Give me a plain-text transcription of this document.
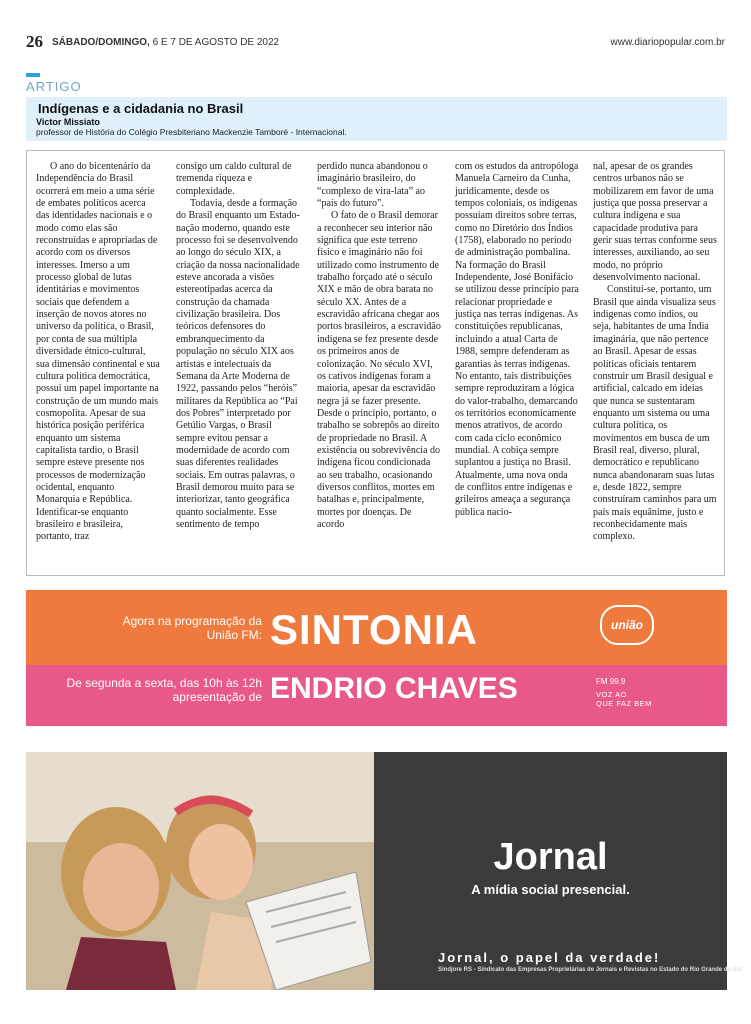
26 SÁBADO/DOMINGO, 6 E 7 DE AGOSTO DE 2022	www.diariopopular.com.br
ARTIGO
Indígenas e a cidadania no Brasil
Victor Missiato
professor de História do Colégio Presbiteriano Mackenzie Tamboré - Internacional.

O ano do bicentenário da Independência do Brasil ocorrerá em meio a uma série de embates políticos acerca das identidades nacionais e o modo como elas são reconstruídas e apropriadas de acordo com os diversos interesses. Imerso a um processo global de lutas identitárias e movimentos sociais que defendem a inserção de novos atores no universo da política, o Brasil, por conta de sua múltipla diversidade étnico-cultural, sua dimensão continental e sua cultura política democrática, possui um papel importante na construção de um mundo mais cosmopolita. Apesar de sua histórica posição periférica enquanto um sistema capitalista tardio, o Brasil sempre esteve presente nos processos de modernização ocidental, enquanto Monarquia e República. Identificar-se enquanto brasileiro e brasileira, portanto, traz

consigo um caldo cultural de tremenda riqueza e complexidade.

Todavia, desde a formação do Brasil enquanto um Estado-nação moderno, quando este processo foi se desenvolvendo ao longo do século XIX, a criação da nossa nacionalidade esteve ancorada a visões estereotipadas acerca da construção da chamada civilização brasileira. Dos teóricos defensores do embranquecimento da população no século XIX aos artistas e intelectuais da Semana da Arte Moderna de 1922, passando pelos “heróis” militares da República ao “Pai dos Pobres” interpretado por Getúlio Vargas, o Brasil sempre evitou pensar a modernidade de acordo com suas diferentes realidades sociais. Em outras palavras, o Brasil demorou muito para se interiorizar, tanto geográfica quanto socialmente. Esse sentimento de tempo

perdido nunca abandonou o imaginário brasileiro, do “complexo de vira-lata” ao “país do futuro”.

O fato de o Brasil demorar a reconhecer seu interior não significa que este terreno físico e imaginário não foi utilizado como instrumento de trabalho forçado até o século XIX e mão de obra barata no século XX. Antes de a escravidão africana chegar aos portos brasileiros, a escravidão indígena se fez presente desde os primeiros anos de colonização. No século XVI, os cativos indígenas foram a maioria, apesar da escravidão negra já se fazer presente. Desde o princípio, portanto, o trabalho se sobrepôs ao direito de propriedade no Brasil. A existência ou sobrevivência do indígena ficou condicionada ao seu trabalho, ocasionando diversos conflitos, mortes em batalhas e, principalmente, mortes por doenças. De acordo

com os estudos da antropóloga Manuela Carneiro da Cunha, juridicamente, desde os tempos coloniais, os indígenas possuíam direitos sobre terras, como no Diretório dos Índios (1758), elaborado no período de administração pombalina. Na formação do Brasil Independente, José Bonifácio se utilizou desse princípio para relacionar propriedade e justiça nas terras indígenas. As constituições republicanas, incluindo a atual Carta de 1988, sempre defenderam as garantias às terras indígenas. No entanto, tais distribuições sempre reproduziram a lógica do valor-trabalho, demarcando os territórios economicamente menos atrativos, de acordo com cada ciclo econômico mundial. A cobiça sempre suplantou a justiça no Brasil. Atualmente, uma nova onda de conflitos entre indígenas e grileiros ameaça a segurança pública nacio-

nal, apesar de os grandes centros urbanos não se mobilizarem em favor de uma justiça que possa preservar a cultura indígena e sua capacidade produtiva para gerir suas terras conforme seus interesses, auxiliando, ao seu modo, no próprio desenvolvimento nacional.

Constitui-se, portanto, um Brasil que ainda visualiza seus indígenas como índios, ou seja, habitantes de uma Índia imaginária, que não pertence ao Brasil. Apesar de essas políticas oficiais tentarem construir um Brasil desigual e artificial, calcado em ideias que nunca se sustentaram enquanto um sistema ou uma cultura política, os movimentos em busca de um Brasil real, diverso, plural, democrático e republicano nunca abandonaram suas lutas e, desde 1822, sempre construíram caminhos para um país mais equânime, justo e reconhecidamente mais complexo.

Agora na programação da
União FM: SINTONIA
De segunda a sexta, das 10h às 12h
apresentação de ENDRIO CHAVES
união
FM 99.9
VOZ AO
QUE FAZ BEM
Jornal
A mídia social presencial.
Jornal, o papel da verdade!
Sindjore RS - Sindicato das Empresas Proprietárias de Jornais e Revistas no Estado do Rio Grande do Sul
